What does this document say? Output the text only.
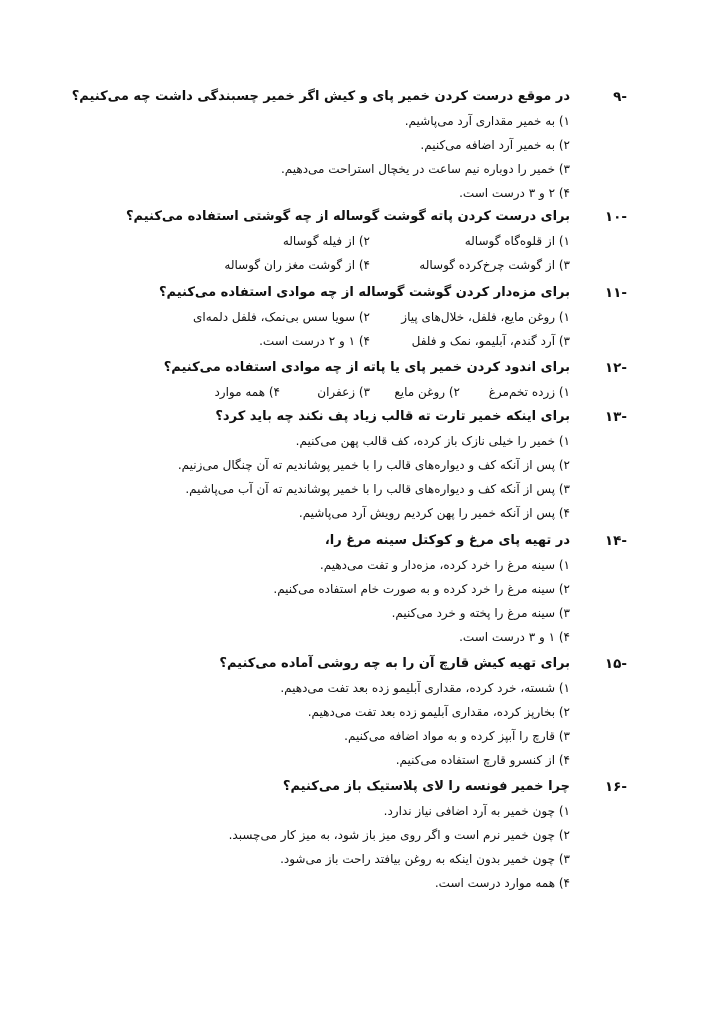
-۹
در موقع درست کردن خمیر پای و کیش اگر خمیر چسبندگی داشت چه می‌کنیم؟
۱) به خمیر مقداری آرد می‌پاشیم.
۲) به خمیر آرد اضافه می‌کنیم.
۳) خمیر را دوباره نیم ساعت در یخچال استراحت می‌دهیم.
۴) ۲ و ۳ درست است.
-۱۰
برای درست کردن پاته گوشت گوساله از چه گوشتی استفاده می‌کنیم؟
۱) از قلوه‌گاه گوساله
۲) از فیله گوساله
۳) از گوشت چرخ‌کرده گوساله
۴) از گوشت مغز ران گوساله
-۱۱
برای مزه‌دار کردن گوشت گوساله از چه موادی استفاده می‌کنیم؟
۱) روغن مایع، فلفل، خلال‌های پیاز
۲) سویا سس بی‌نمک، فلفل دلمه‌ای
۳) آرد گندم، آبلیمو، نمک و فلفل
۴) ۱ و ۲ درست است.
-۱۲
برای اندود کردن خمیر پای یا پاته از چه موادی استفاده می‌کنیم؟
۱) زرده تخم‌مرغ
۲) روغن مایع
۳) زعفران
۴) همه موارد
-۱۳
برای اینکه خمیر تارت ته قالب زیاد پف نکند چه باید کرد؟
۱) خمیر را خیلی نازک باز کرده، کف قالب پهن می‌کنیم.
۲) پس از آنکه کف و دیواره‌های قالب را با خمیر پوشاندیم ته آن چنگال می‌زنیم.
۳) پس از آنکه کف و دیواره‌های قالب را با خمیر پوشاندیم ته آن آب می‌پاشیم.
۴) پس از آنکه خمیر را پهن کردیم رویش آرد می‌پاشیم.
-۱۴
در تهیه پای مرغ و کوکتل سینه مرغ را،
۱) سینه مرغ را خرد کرده، مزه‌دار و تفت می‌دهیم.
۲) سینه مرغ را خرد کرده و به صورت خام استفاده می‌کنیم.
۳) سینه مرغ را پخته و خرد می‌کنیم.
۴) ۱ و ۳ درست است.
-۱۵
برای تهیه کیش قارچ آن را به چه روشی آماده می‌کنیم؟
۱) شسته، خرد کرده، مقداری آبلیمو زده بعد تفت می‌دهیم.
۲) بخارپز کرده، مقداری آبلیمو زده بعد تفت می‌دهیم.
۳) قارچ را آبپز کرده و به مواد اضافه می‌کنیم.
۴) از کنسرو قارچ استفاده می‌کنیم.
-۱۶
چرا خمیر فونسه را لای پلاستیک باز می‌کنیم؟
۱) چون خمیر به آرد اضافی نیاز ندارد.
۲) چون خمیر نرم است و اگر روی میز باز شود، به میز کار می‌چسبد.
۳) چون خمیر بدون اینکه به روغن بیافتد راحت باز می‌شود.
۴) همه موارد درست است.
